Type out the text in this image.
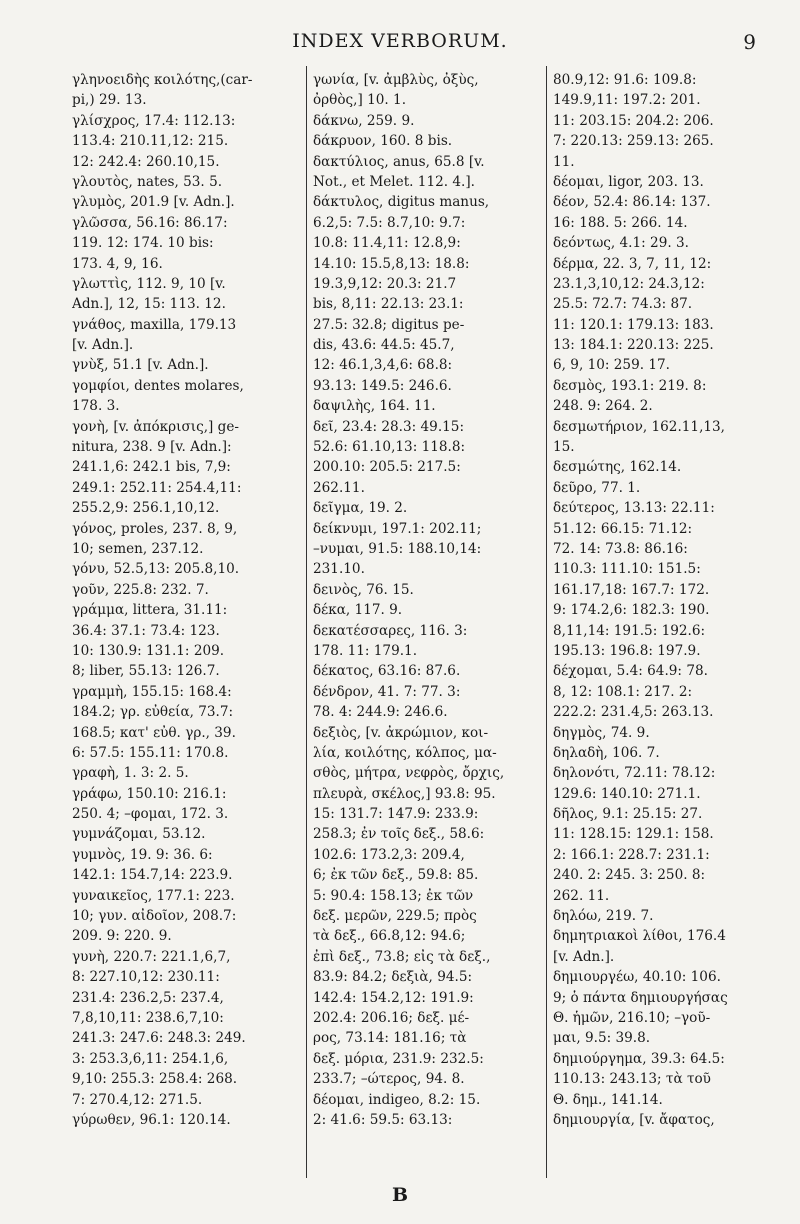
INDEX VERBORUM.	9
γληνοειδὴς κοιλότης,(car-
pi,) 29. 13.
γλίσχρος, 17.4: 112.13:
113.4: 210.11,12: 215.
12: 242.4: 260.10,15.
γλουτὸς, nates, 53. 5.
γλυμὸς, 201.9 [v. Adn.].
γλῶσσα, 56.16: 86.17:
119. 12: 174. 10 bis:
173. 4, 9, 16.
γλωττὶς, 112. 9, 10 [v.
Adn.], 12, 15: 113. 12.
γνάθος, maxilla, 179.13
[v. Adn.].
γνὺξ, 51.1 [v. Adn.].
γομφίοι, dentes molares,
178. 3.
γονὴ, [v. ἀπόκρισις,] ge-
nitura, 238. 9 [v. Adn.]:
241.1,6: 242.1 bis, 7,9:
249.1: 252.11: 254.4,11:
255.2,9: 256.1,10,12.
γόνος, proles, 237. 8, 9,
10; semen, 237.12.
γόνυ, 52.5,13: 205.8,10.
γοῦν, 225.8: 232. 7.
γράμμα, littera, 31.11:
36.4: 37.1: 73.4: 123.
10: 130.9: 131.1: 209.
8; liber, 55.13: 126.7.
γραμμὴ, 155.15: 168.4:
184.2; γρ. εὐθεία, 73.7:
168.5; κατ' εὐθ. γρ., 39.
6: 57.5: 155.11: 170.8.
γραφὴ, 1. 3: 2. 5.
γράφω, 150.10: 216.1:
250. 4; –φομαι, 172. 3.
γυμνάζομαι, 53.12.
γυμνὸς, 19. 9: 36. 6:
142.1: 154.7,14: 223.9.
γυναικεῖος, 177.1: 223.
10; γυν. αἰδοῖον, 208.7:
209. 9: 220. 9.
γυνὴ, 220.7: 221.1,6,7,
8: 227.10,12: 230.11:
231.4: 236.2,5: 237.4,
7,8,10,11: 238.6,7,10:
241.3: 247.6: 248.3: 249.
3: 253.3,6,11: 254.1,6,
9,10: 255.3: 258.4: 268.
7: 270.4,12: 271.5.
γύρωθεν, 96.1: 120.14.
γωνία, [v. ἀμβλὺς, ὀξὺς,
ὀρθὸς,] 10. 1.
δάκνω, 259. 9.
δάκρυον, 160. 8 bis.
δακτύλιος, anus, 65.8 [v.
Not., et Melet. 112. 4.].
δάκτυλος, digitus manus,
6.2,5: 7.5: 8.7,10: 9.7:
10.8: 11.4,11: 12.8,9:
14.10: 15.5,8,13: 18.8:
19.3,9,12: 20.3: 21.7
bis, 8,11: 22.13: 23.1:
27.5: 32.8; digitus pe-
dis, 43.6: 44.5: 45.7,
12: 46.1,3,4,6: 68.8:
93.13: 149.5: 246.6.
δαψιλὴς, 164. 11.
δεῖ, 23.4: 28.3: 49.15:
52.6: 61.10,13: 118.8:
200.10: 205.5: 217.5:
262.11.
δεῖγμα, 19. 2.
δείκνυμι, 197.1: 202.11;
–νυμαι, 91.5: 188.10,14:
231.10.
δεινὸς, 76. 15.
δέκα, 117. 9.
δεκατέσσαρες, 116. 3:
178. 11: 179.1.
δέκατος, 63.16: 87.6.
δένδρον, 41. 7: 77. 3:
78. 4: 244.9: 246.6.
δεξιὸς, [v. ἀκρώμιον, κοι-
λία, κοιλότης, κόλπος, μα-
σθὸς, μήτρα, νεφρὸς, ὄρχις,
πλευρὰ, σκέλος,] 93.8: 95.
15: 131.7: 147.9: 233.9:
258.3; ἐν τοῖς δεξ., 58.6:
102.6: 173.2,3: 209.4,
6; ἐκ τῶν δεξ., 59.8: 85.
5: 90.4: 158.13; ἐκ τῶν
δεξ. μερῶν, 229.5; πρὸς
τὰ δεξ., 66.8,12: 94.6;
ἐπὶ δεξ., 73.8; εἰς τὰ δεξ.,
83.9: 84.2; δεξιὰ, 94.5:
142.4: 154.2,12: 191.9:
202.4: 206.16; δεξ. μέ-
ρος, 73.14: 181.16; τὰ
δεξ. μόρια, 231.9: 232.5:
233.7; –ώτερος, 94. 8.
δέομαι, indigeo, 8.2: 15.
2: 41.6: 59.5: 63.13:
80.9,12: 91.6: 109.8:
149.9,11: 197.2: 201.
11: 203.15: 204.2: 206.
7: 220.13: 259.13: 265.
11.
δέομαι, ligor, 203. 13.
δέον, 52.4: 86.14: 137.
16: 188. 5: 266. 14.
δεόντως, 4.1: 29. 3.
δέρμα, 22. 3, 7, 11, 12:
23.1,3,10,12: 24.3,12:
25.5: 72.7: 74.3: 87.
11: 120.1: 179.13: 183.
13: 184.1: 220.13: 225.
6, 9, 10: 259. 17.
δεσμὸς, 193.1: 219. 8:
248. 9: 264. 2.
δεσμωτήριον, 162.11,13,
15.
δεσμώτης, 162.14.
δεῦρο, 77. 1.
δεύτερος, 13.13: 22.11:
51.12: 66.15: 71.12:
72. 14: 73.8: 86.16:
110.3: 111.10: 151.5:
161.17,18: 167.7: 172.
9: 174.2,6: 182.3: 190.
8,11,14: 191.5: 192.6:
195.13: 196.8: 197.9.
δέχομαι, 5.4: 64.9: 78.
8, 12: 108.1: 217. 2:
222.2: 231.4,5: 263.13.
δηγμὸς, 74. 9.
δηλαδὴ, 106. 7.
δηλονότι, 72.11: 78.12:
129.6: 140.10: 271.1.
δῆλος, 9.1: 25.15: 27.
11: 128.15: 129.1: 158.
2: 166.1: 228.7: 231.1:
240. 2: 245. 3: 250. 8:
262. 11.
δηλόω, 219. 7.
δημητριακοὶ λίθοι, 176.4
[v. Adn.].
δημιουργέω, 40.10: 106.
9; ὁ πάντα δημιουργήσας
Θ. ἡμῶν, 216.10; –γοῦ-
μαι, 9.5: 39.8.
δημιούργημα, 39.3: 64.5:
110.13: 243.13; τὰ τοῦ
Θ. δημ., 141.14.
δημιουργία, [v. ἄφατος,
B
